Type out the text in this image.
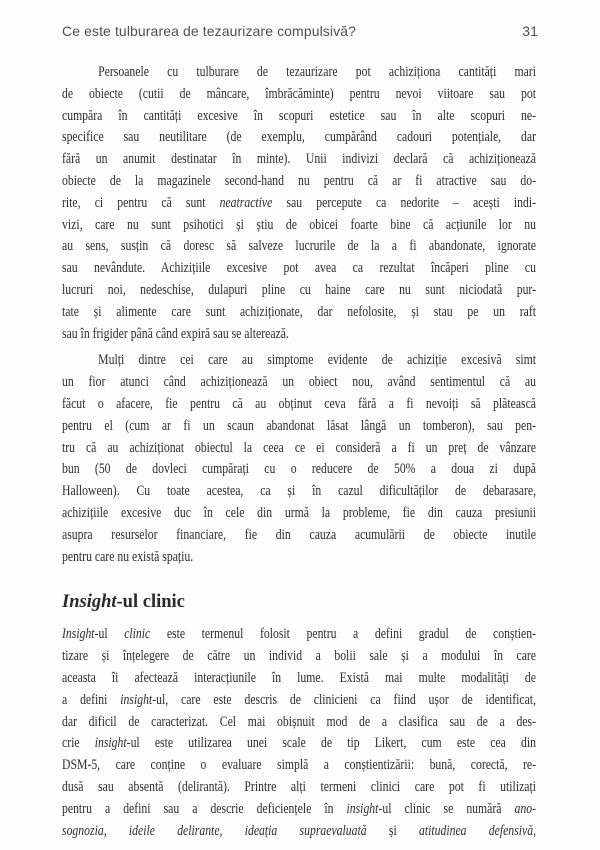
Ce este tulburarea de tezaurizare compulsivă?	31
Persoanele cu tulburare de tezaurizare pot achiziționa cantități mari
de obiecte (cutii de mâncare, îmbrăcăminte) pentru nevoi viitoare sau pot
cumpăra în cantități excesive în scopuri estetice sau în alte scopuri ne-
specifice sau neutilitare (de exemplu, cumpărând cadouri potențiale, dar
fără un anumit destinatar în minte). Unii indivizi declară că achiziționează
obiecte de la magazinele second-hand nu pentru că ar fi atractive sau do-
rite, ci pentru că sunt neatractive sau percepute ca nedorite – acești indi-
vizi, care nu sunt psihotici și știu de obicei foarte bine că acțiunile lor nu
au sens, susțin că doresc să salveze lucrurile de la a fi abandonate, ignorate
sau nevândute. Achizițiile excesive pot avea ca rezultat încăperi pline cu
lucruri noi, nedeschise, dulapuri pline cu haine care nu sunt niciodată pur-
tate și alimente care sunt achiziționate, dar nefolosite, și stau pe un raft
sau în frigider până când expiră sau se alterează.
Mulți dintre cei care au simptome evidente de achiziție excesivă simt
un fior atunci când achiziționează un obiect nou, având sentimentul că au
făcut o afacere, fie pentru că au obținut ceva fără a fi nevoiți să plătească
pentru el (cum ar fi un scaun abandonat lăsat lângă un tomberon), sau pen-
tru că au achiziționat obiectul la ceea ce ei consideră a fi un preț de vânzare
bun (50 de dovleci cumpărați cu o reducere de 50% a doua zi după
Halloween). Cu toate acestea, ca și în cazul dificultăților de debarasare,
achizițiile excesive duc în cele din urmă la probleme, fie din cauza presiunii
asupra resurselor financiare, fie din cauza acumulării de obiecte inutile
pentru care nu există spațiu.
Insight-ul clinic
Insight-ul clinic este termenul folosit pentru a defini gradul de conștien-
tizare și înțelegere de către un individ a bolii sale și a modului în care
aceasta îi afectează interacțiunile în lume. Există mai multe modalități de
a defini insight-ul, care este descris de clinicieni ca fiind ușor de identificat,
dar dificil de caracterizat. Cel mai obișnuit mod de a clasifica sau de a des-
crie insight-ul este utilizarea unei scale de tip Likert, cum este cea din
DSM-5, care conține o evaluare simplă a conștientizării: bună, corectă, re-
dusă sau absentă (delirantă). Printre alți termeni clinici care pot fi utilizați
pentru a defini sau a descrie deficiențele în insight-ul clinic se numără ano-
sognozia, ideile delirante, ideația supraevaluată și atitudinea defensivă,
